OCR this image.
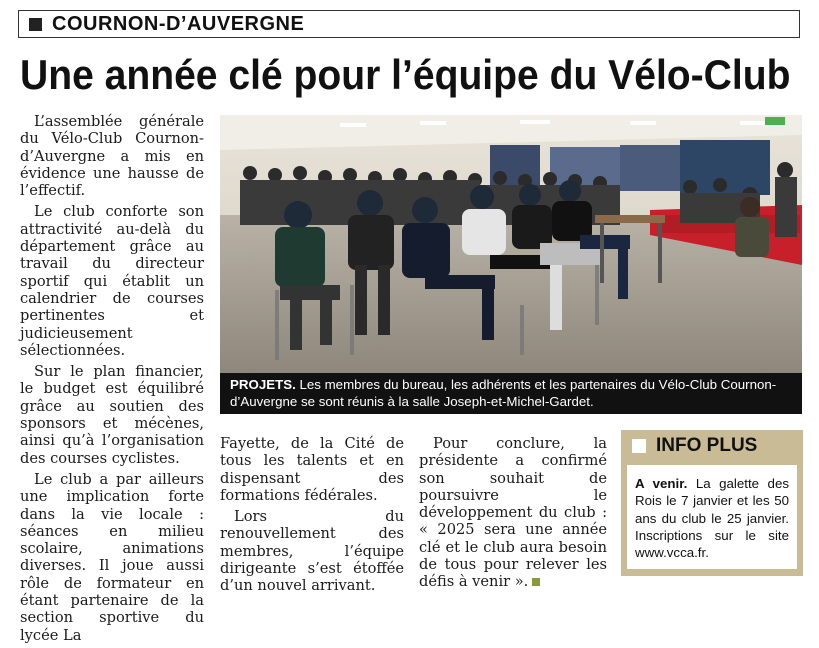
COURNON-D’AUVERGNE
Une année clé pour l’équipe du Vélo-Club

L’assemblée générale du Vélo-Club Cournon-d’Auvergne a mis en évidence une hausse de l’effectif.

Le club conforte son attractivité au-delà du département grâce au travail du directeur sportif qui établit un calendrier de courses pertinentes et judicieusement sélectionnées.

Sur le plan financier, le budget est équilibré grâce au soutien des sponsors et mécènes, ainsi qu’à l’organisation des courses cyclistes.

Le club a par ailleurs une implication forte dans la vie locale : séances en milieu scolaire, animations diverses. Il joue aussi rôle de formateur en étant partenaire de la section sportive du lycée La

Fayette, de la Cité de tous les talents et en dispensant des formations fédérales.

Lors du renouvellement des membres, l’équipe dirigeante s’est étoffée d’un nouvel arrivant.

Pour conclure, la présidente a confirmé son souhait de poursuivre le développement du club : « 2025 sera une année clé et le club aura besoin de tous pour relever les défis à venir ».

PROJETS. Les membres du bureau, les adhérents et les partenaires du Vélo-Club Cournon-d’Auvergne se sont réunis à la salle Joseph-et-Michel-Gardet.
INFO PLUS
A venir. La galette des Rois le 7 janvier et les 50 ans du club le 25 janvier. Inscriptions sur le site www.vcca.fr.
